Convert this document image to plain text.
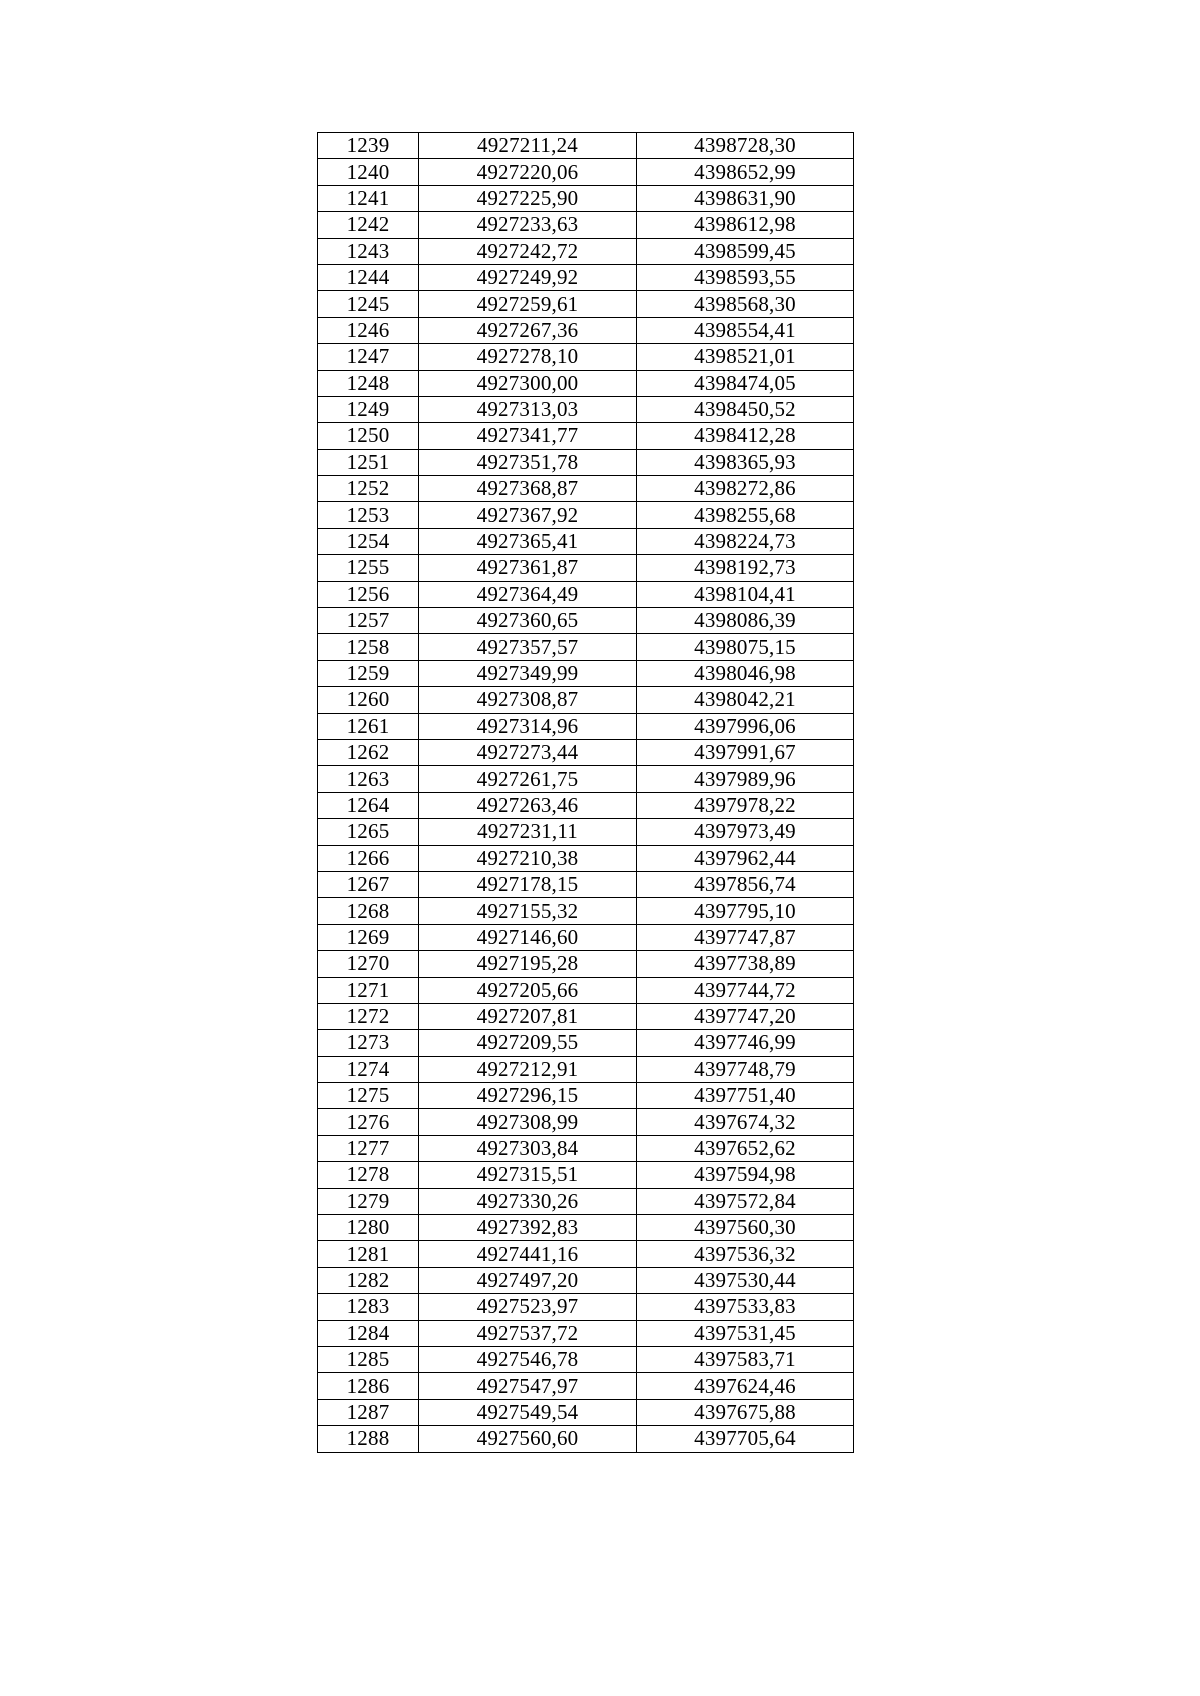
1239	4927211,24	4398728,30
1240	4927220,06	4398652,99
1241	4927225,90	4398631,90
1242	4927233,63	4398612,98
1243	4927242,72	4398599,45
1244	4927249,92	4398593,55
1245	4927259,61	4398568,30
1246	4927267,36	4398554,41
1247	4927278,10	4398521,01
1248	4927300,00	4398474,05
1249	4927313,03	4398450,52
1250	4927341,77	4398412,28
1251	4927351,78	4398365,93
1252	4927368,87	4398272,86
1253	4927367,92	4398255,68
1254	4927365,41	4398224,73
1255	4927361,87	4398192,73
1256	4927364,49	4398104,41
1257	4927360,65	4398086,39
1258	4927357,57	4398075,15
1259	4927349,99	4398046,98
1260	4927308,87	4398042,21
1261	4927314,96	4397996,06
1262	4927273,44	4397991,67
1263	4927261,75	4397989,96
1264	4927263,46	4397978,22
1265	4927231,11	4397973,49
1266	4927210,38	4397962,44
1267	4927178,15	4397856,74
1268	4927155,32	4397795,10
1269	4927146,60	4397747,87
1270	4927195,28	4397738,89
1271	4927205,66	4397744,72
1272	4927207,81	4397747,20
1273	4927209,55	4397746,99
1274	4927212,91	4397748,79
1275	4927296,15	4397751,40
1276	4927308,99	4397674,32
1277	4927303,84	4397652,62
1278	4927315,51	4397594,98
1279	4927330,26	4397572,84
1280	4927392,83	4397560,30
1281	4927441,16	4397536,32
1282	4927497,20	4397530,44
1283	4927523,97	4397533,83
1284	4927537,72	4397531,45
1285	4927546,78	4397583,71
1286	4927547,97	4397624,46
1287	4927549,54	4397675,88
1288	4927560,60	4397705,64
